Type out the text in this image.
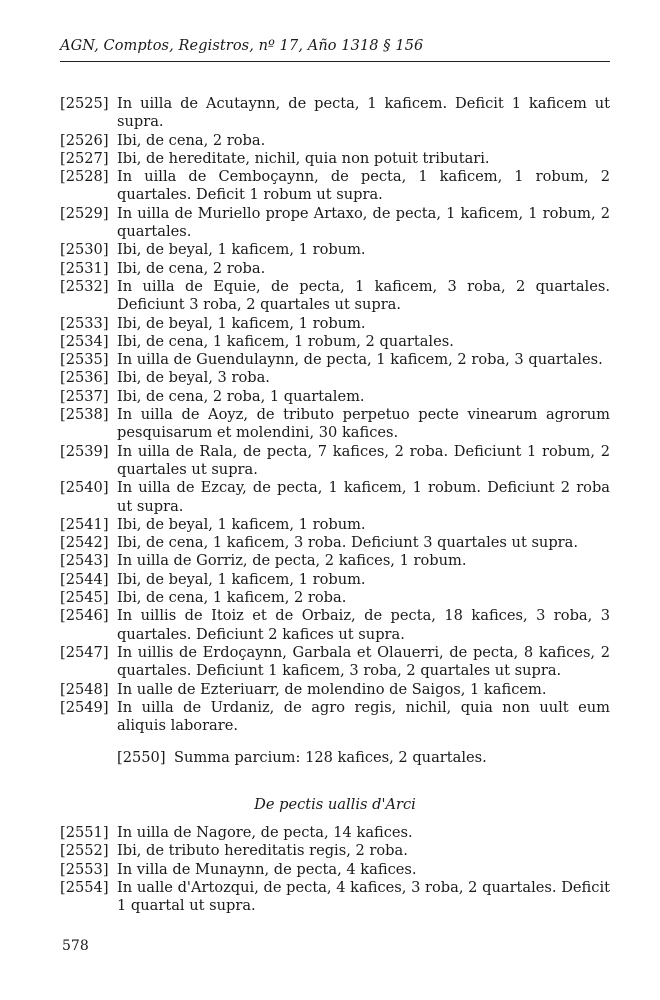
AGN, Comptos, Registros, nº 17, Año 1318 § 156
[2525] In uilla de Acutaynn, de pecta, 1 kaficem. Deficit 1 kaficem ut supra.
[2526] Ibi, de cena, 2 roba.
[2527] Ibi, de hereditate, nichil, quia non potuit tributari.
[2528] In uilla de Cemboçaynn, de pecta, 1 kaficem, 1 robum, 2 quartales. Deficit 1 robum ut supra.
[2529] In uilla de Muriello prope Artaxo, de pecta, 1 kaficem, 1 robum, 2 quartales.
[2530] Ibi, de beyal, 1 kaficem, 1 robum.
[2531] Ibi, de cena, 2 roba.
[2532] In uilla de Equie, de pecta, 1 kaficem, 3 roba, 2 quartales. Deficiunt 3 roba, 2 quartales ut supra.
[2533] Ibi, de beyal, 1 kaficem, 1 robum.
[2534] Ibi, de cena, 1 kaficem, 1 robum, 2 quartales.
[2535] In uilla de Guendulaynn, de pecta, 1 kaficem, 2 roba, 3 quartales.
[2536] Ibi, de beyal, 3 roba.
[2537] Ibi, de cena, 2 roba, 1 quartalem.
[2538] In uilla de Aoyz, de tributo perpetuo pecte vinearum agrorum pesquisarum et molendini, 30 kafices.
[2539] In uilla de Rala, de pecta, 7 kafices, 2 roba. Deficiunt 1 robum, 2 quartales ut supra.
[2540] In uilla de Ezcay, de pecta, 1 kaficem, 1 robum. Deficiunt 2 roba ut supra.
[2541] Ibi, de beyal, 1 kaficem, 1 robum.
[2542] Ibi, de cena, 1 kaficem, 3 roba. Deficiunt 3 quartales ut supra.
[2543] In uilla de Gorriz, de pecta, 2 kafices, 1 robum.
[2544] Ibi, de beyal, 1 kaficem, 1 robum.
[2545] Ibi, de cena, 1 kaficem, 2 roba.
[2546] In uillis de Itoiz et de Orbaiz, de pecta, 18 kafices, 3 roba, 3 quartales. Deficiunt 2 kafices ut supra.
[2547] In uillis de Erdoçaynn, Garbala et Olauerri, de pecta, 8 kafices, 2 quartales. Deficiunt 1 kaficem, 3 roba, 2 quartales ut supra.
[2548] In ualle de Ezteriuarr, de molendino de Saigos, 1 kaficem.
[2549] In uilla de Urdaniz, de agro regis, nichil, quia non uult eum aliquis laborare.
[2550] Summa parcium: 128 kafices, 2 quartales.
De pectis uallis d'Arci
[2551] In uilla de Nagore, de pecta, 14 kafices.
[2552] Ibi, de tributo hereditatis regis, 2 roba.
[2553] In villa de Munaynn, de pecta, 4 kafices.
[2554] In ualle d'Artozqui, de pecta, 4 kafices, 3 roba, 2 quartales. Deficit 1 quartal ut supra.
578
